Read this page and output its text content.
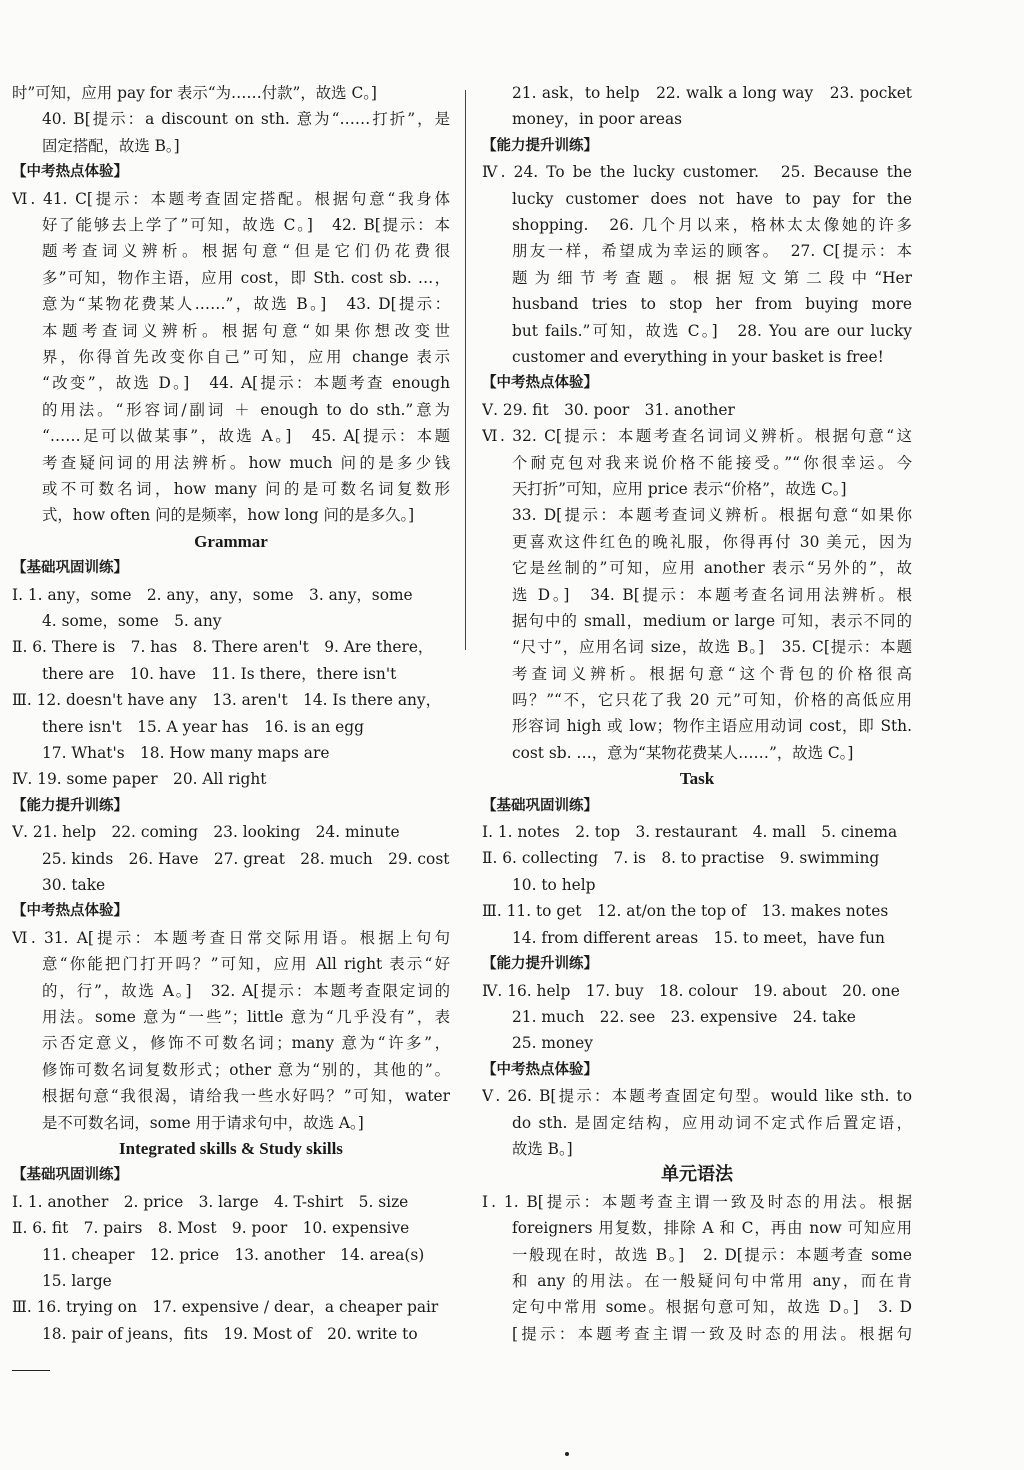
时”可知，应用 pay for 表示“为……付款”，故选 C。]
40. B[提示：a discount on sth. 意为“……打折”，是
固定搭配，故选 B。]
【中考热点体验】
Ⅵ. 41. C[提示：本题考查固定搭配。根据句意“我身体
好了能够去上学了”可知，故选 C。]　42. B[提示：本
题考查词义辨析。根据句意“但是它们仍花费很
多”可知，物作主语，应用 cost，即 Sth. cost sb. …，
意为“某物花费某人……”，故选 B。]　43. D[提示：
本题考查词义辨析。根据句意“如果你想改变世
界，你得首先改变你自己”可知，应用 change 表示
“改变”，故选 D。]　44. A[提示：本题考查 enough
的用法。“形容词/副词 ＋ enough to do sth.”意为
“……足可以做某事”，故选 A。]　45. A[提示：本题
考查疑问词的用法辨析。how much 问的是多少钱
或不可数名词，how many 问的是可数名词复数形
式，how often 问的是频率，how long 问的是多久。]
Grammar
【基础巩固训练】
Ⅰ. 1. any，some　2. any，any，some　3. any，some
4. some，some　5. any
Ⅱ. 6. There is　7. has　8. There aren't　9. Are there，
there are　10. have　11. Is there，there isn't
Ⅲ. 12. doesn't have any　13. aren't　14. Is there any，
there isn't　15. A year has　16. is an egg
17. What's　18. How many maps are
Ⅳ. 19. some paper　20. All right
【能力提升训练】
Ⅴ. 21. help　22. coming　23. looking　24. minute
25. kinds　26. Have　27. great　28. much　29. cost
30. take
【中考热点体验】
Ⅵ. 31. A[提示：本题考查日常交际用语。根据上句句
意“你能把门打开吗？”可知，应用 All right 表示“好
的，行”，故选 A。]　32. A[提示：本题考查限定词的
用法。some 意为“一些”；little 意为“几乎没有”，表
示否定意义，修饰不可数名词；many 意为“许多”，
修饰可数名词复数形式；other 意为“别的，其他的”。
根据句意“我很渴，请给我一些水好吗？”可知，water
是不可数名词，some 用于请求句中，故选 A。]
Integrated skills & Study skills
【基础巩固训练】
Ⅰ. 1. another　2. price　3. large　4. T-shirt　5. size
Ⅱ. 6. fit　7. pairs　8. Most　9. poor　10. expensive
11. cheaper　12. price　13. another　14. area(s)
15. large
Ⅲ. 16. trying on　17. expensive / dear，a cheaper pair
18. pair of jeans，fits　19. Most of　20. write to
21. ask，to help　22. walk a long way　23. pocket
money，in poor areas
【能力提升训练】
Ⅳ. 24. To be the lucky customer.　25. Because the
lucky customer does not have to pay for the
shopping.　26. 几个月以来，格林太太像她的许多
朋友一样，希望成为幸运的顾客。　27. C[提示：本
题为细节考查题。根据短文第二段中“Her
husband tries to stop her from buying more
but fails.”可知，故选 C。]　28. You are our lucky
customer and everything in your basket is free!
【中考热点体验】
Ⅴ. 29. fit　30. poor　31. another
Ⅵ. 32. C[提示：本题考查名词词义辨析。根据句意“这
个耐克包对我来说价格不能接受。”“你很幸运。今
天打折”可知，应用 price 表示“价格”，故选 C。]
33. D[提示：本题考查词义辨析。根据句意“如果你
更喜欢这件红色的晚礼服，你得再付 30 美元，因为
它是丝制的”可知，应用 another 表示“另外的”，故
选 D。]　34. B[提示：本题考查名词用法辨析。根
据句中的 small，medium or large 可知，表示不同的
“尺寸”，应用名词 size，故选 B。]　35. C[提示：本题
考查词义辨析。根据句意“这个背包的价格很高
吗？”“不，它只花了我 20 元”可知，价格的高低应用
形容词 high 或 low；物作主语应用动词 cost，即 Sth.
cost sb. …，意为“某物花费某人……”，故选 C。]
Task
【基础巩固训练】
Ⅰ. 1. notes　2. top　3. restaurant　4. mall　5. cinema
Ⅱ. 6. collecting　7. is　8. to practise　9. swimming
10. to help
Ⅲ. 11. to get　12. at/on the top of　13. makes notes
14. from different areas　15. to meet，have fun
【能力提升训练】
Ⅳ. 16. help　17. buy　18. colour　19. about　20. one
21. much　22. see　23. expensive　24. take
25. money
【中考热点体验】
Ⅴ. 26. B[提示：本题考查固定句型。would like sth. to
do sth. 是固定结构，应用动词不定式作后置定语，
故选 B。]
单元语法
Ⅰ. 1. B[提示：本题考查主谓一致及时态的用法。根据
foreigners 用复数，排除 A 和 C，再由 now 可知应用
一般现在时，故选 B。]　2. D[提示：本题考查 some
和 any 的用法。在一般疑问句中常用 any，而在肯
定句中常用 some。根据句意可知，故选 D。]　3. D
[提示：本题考查主谓一致及时态的用法。根据句
